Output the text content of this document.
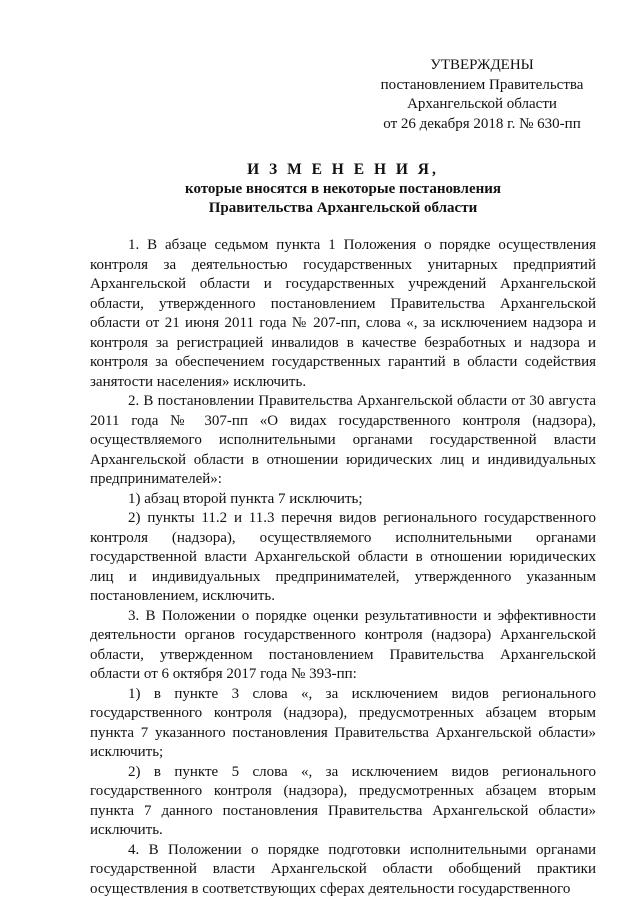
УТВЕРЖДЕНЫ
постановлением Правительства
Архангельской области
от 26 декабря 2018 г. № 630-пп
И З М Е Н Е Н И Я,
которые вносятся в некоторые постановления
Правительства Архангельской области

1. В абзаце седьмом пункта 1 Положения о порядке осуществления контроля за деятельностью государственных унитарных предприятий Архангельской области и государственных учреждений Архангельской области, утвержденного постановлением Правительства Архангельской области от 21 июня 2011 года № 207-пп, слова «, за исключением надзора и контроля за регистрацией инвалидов в качестве безработных и надзора и контроля за обеспечением государственных гарантий в области содействия занятости населения» исключить.

2. В постановлении Правительства Архангельской области от 30 августа 2011 года № 307-пп «О видах государственного контроля (надзора), осуществляемого исполнительными органами государственной власти Архангельской области в отношении юридических лиц и индивидуальных предпринимателей»:

1) абзац второй пункта 7 исключить;

2) пункты 11.2 и 11.3 перечня видов регионального государственного контроля (надзора), осуществляемого исполнительными органами государственной власти Архангельской области в отношении юридических лиц и индивидуальных предпринимателей, утвержденного указанным постановлением, исключить.

3. В Положении о порядке оценки результативности и эффективности деятельности органов государственного контроля (надзора) Архангельской области, утвержденном постановлением Правительства Архангельской области от 6 октября 2017 года № 393-пп:

1) в пункте 3 слова «, за исключением видов регионального государственного контроля (надзора), предусмотренных абзацем вторым пункта 7 указанного постановления Правительства Архангельской области» исключить;

2) в пункте 5 слова «, за исключением видов регионального государственного контроля (надзора), предусмотренных абзацем вторым пункта 7 данного постановления Правительства Архангельской области» исключить.

4. В Положении о порядке подготовки исполнительными органами государственной власти Архангельской области обобщений практики осуществления в соответствующих сферах деятельности государственного
